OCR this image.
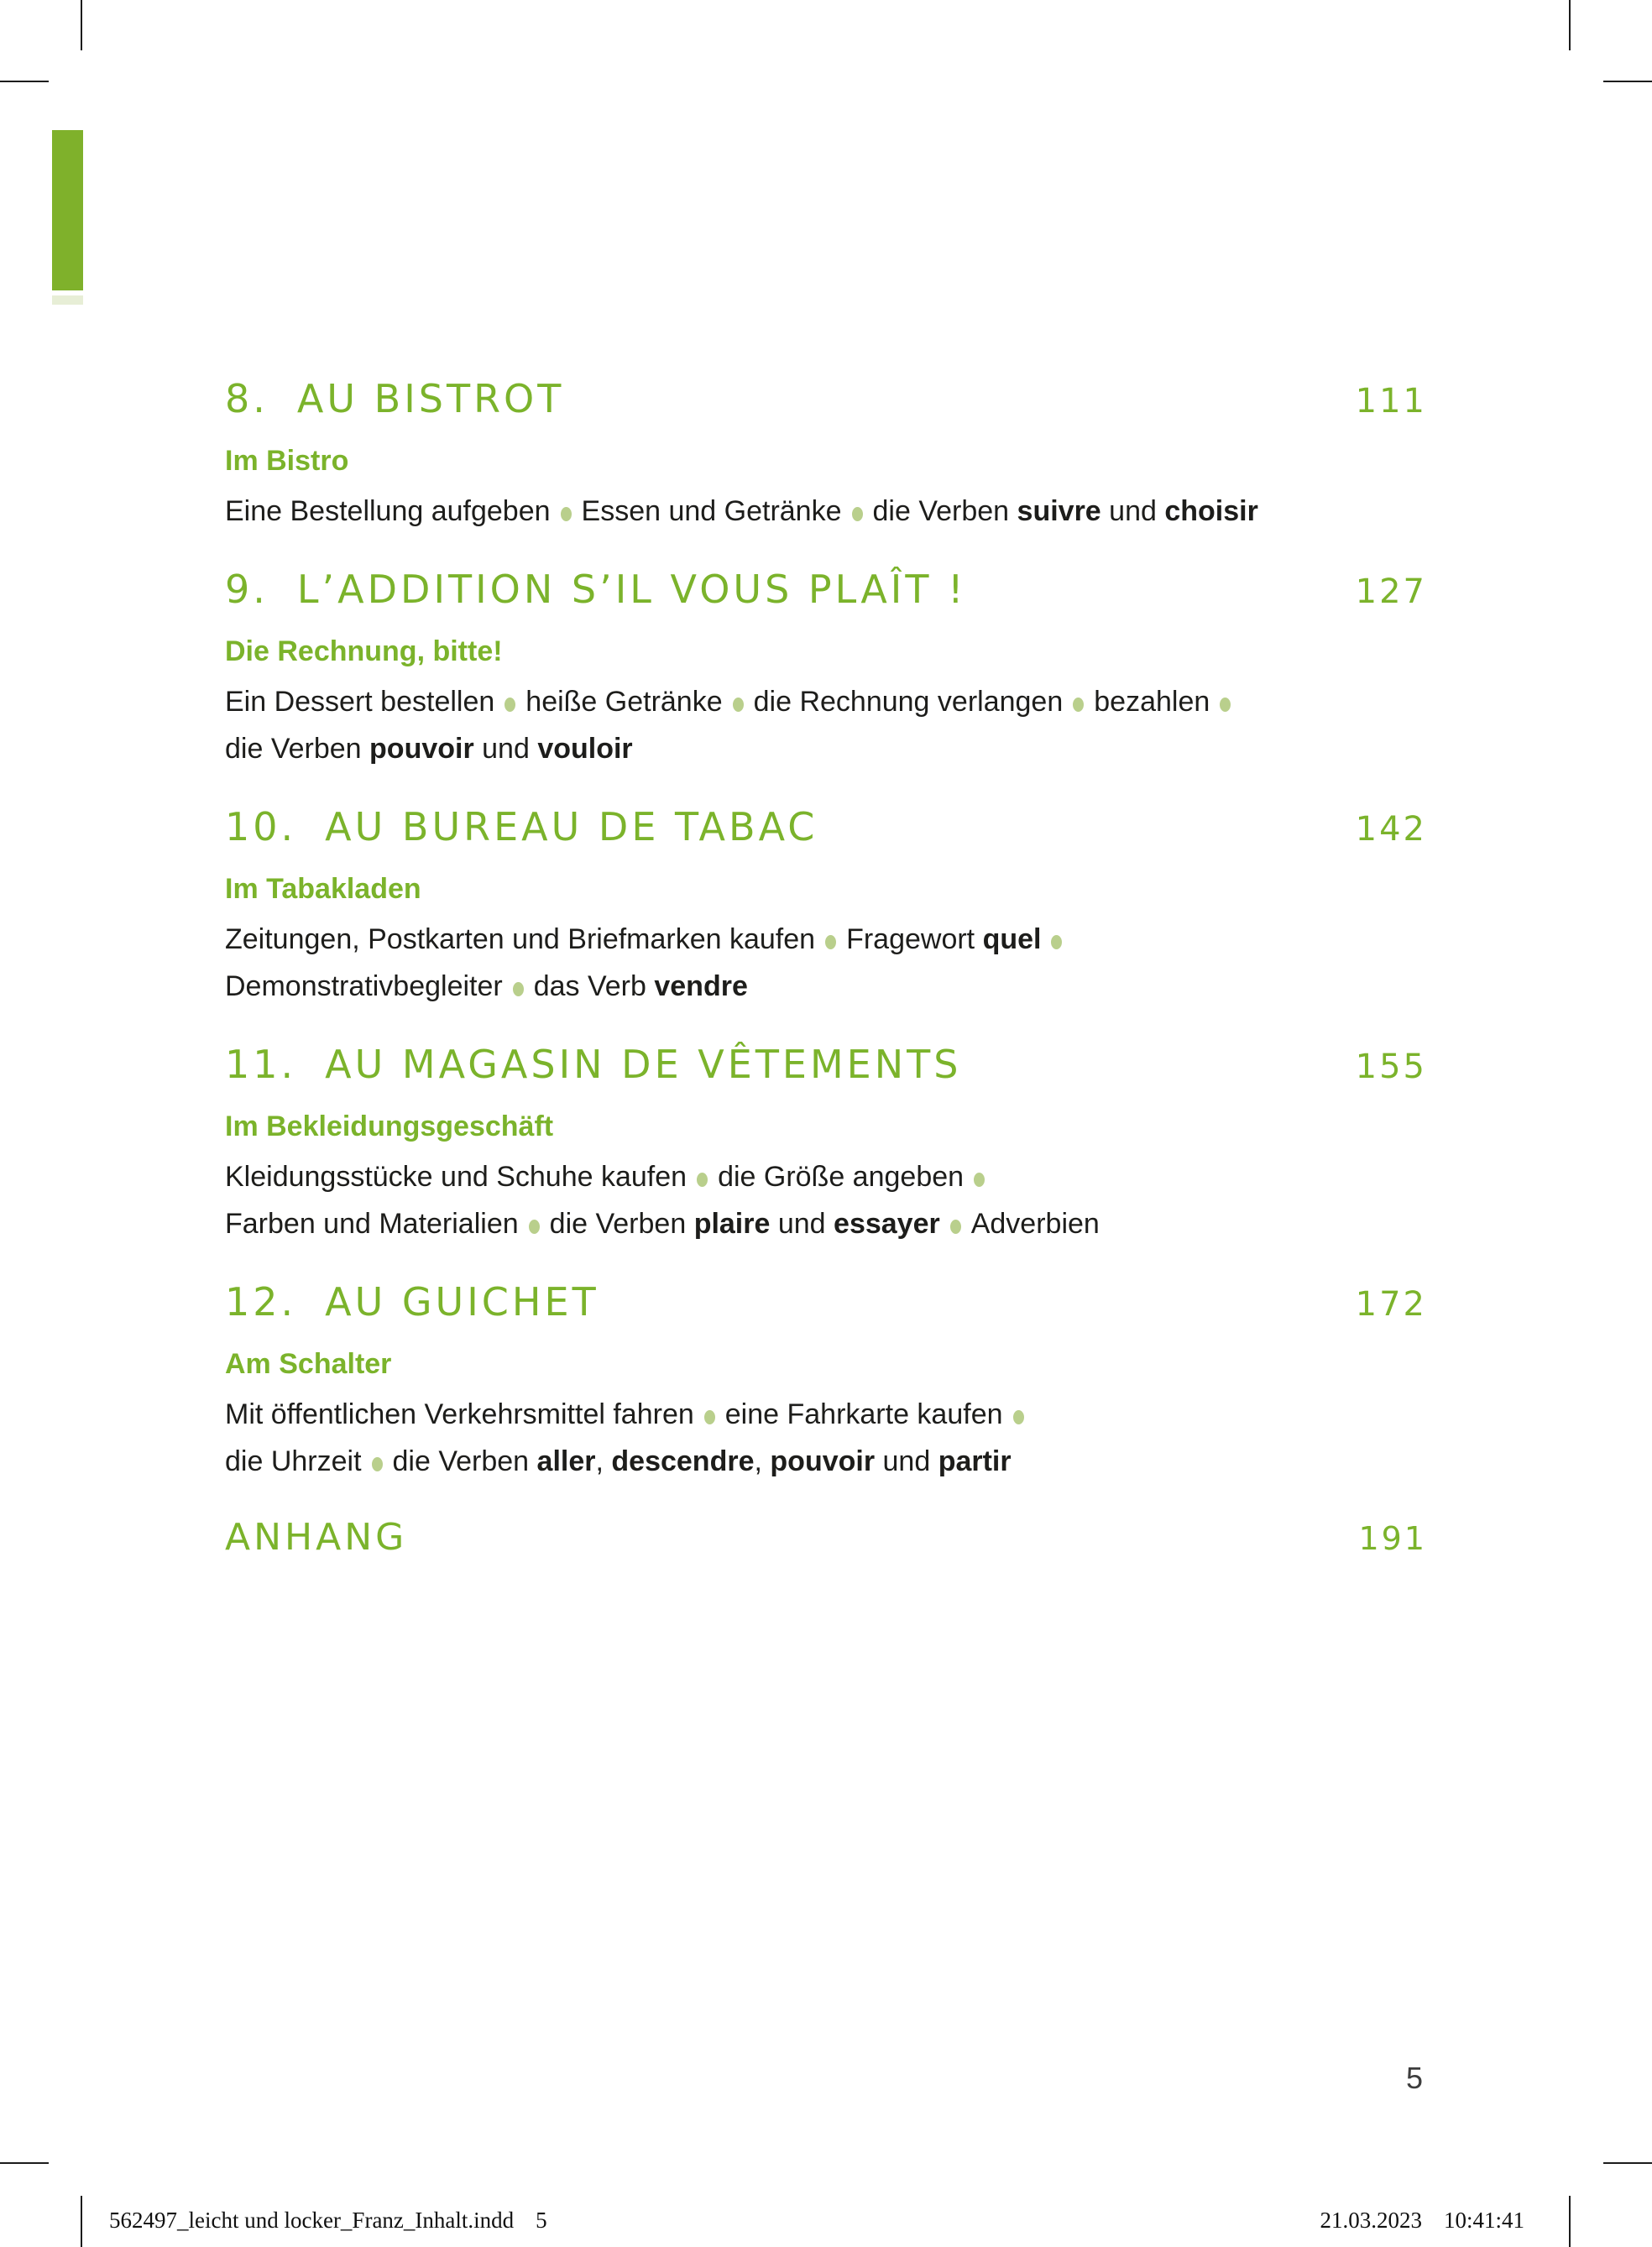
8. AU BISTROT	111
Im Bistro

Eine Bestellung aufgeben Essen und Getränke die Verben suivre und choisir

9. L’ADDITION S’IL VOUS PLAÎT !	127
Die Rechnung, bitte!

Ein Dessert bestellen heiße Getränke die Rechnung verlangen bezahlen
die Verben pouvoir und vouloir

10. AU BUREAU DE TABAC	142
Im Tabakladen

Zeitungen, Postkarten und Briefmarken kaufen Fragewort quel
Demonstrativbegleiter das Verb vendre

11. AU MAGASIN DE VÊTEMENTS	155
Im Bekleidungsgeschäft

Kleidungsstücke und Schuhe kaufen die Größe angeben
Farben und Materialien die Verben plaire und essayer Adverbien

12. AU GUICHET	172
Am Schalter

Mit öffentlichen Verkehrsmittel fahren eine Fahrkarte kaufen
die Uhrzeit die Verben aller, descendre, pouvoir und partir

ANHANG	191
5
562497_leicht und locker_Franz_Inhalt.indd 5	21.03.2023 10:41:41
